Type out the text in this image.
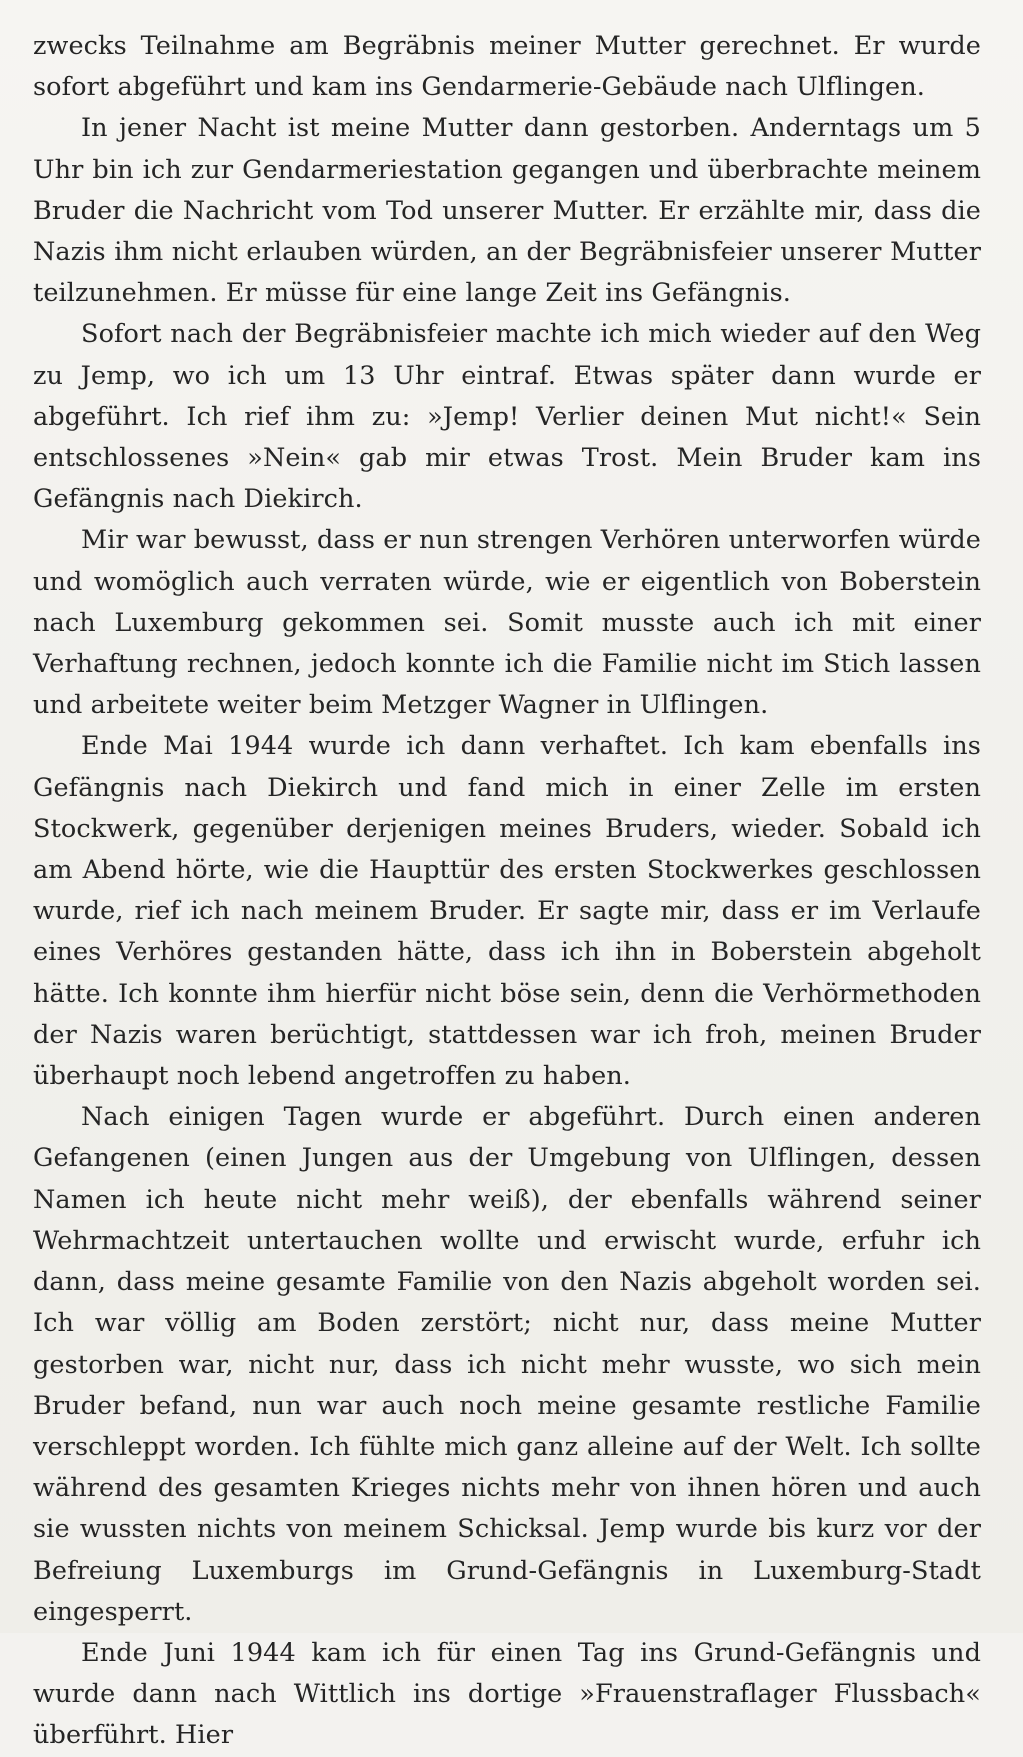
zwecks Teilnahme am Begräbnis meiner Mutter gerechnet. Er wurde sofort abgeführt und kam ins Gendarmerie-Gebäude nach Ulflingen.

In jener Nacht ist meine Mutter dann gestorben. Anderntags um 5 Uhr bin ich zur Gendarmeriestation gegangen und überbrachte meinem Bruder die Nachricht vom Tod unserer Mutter. Er erzählte mir, dass die Nazis ihm nicht erlauben würden, an der Begräbnisfeier unserer Mutter teilzunehmen. Er müsse für eine lange Zeit ins Gefängnis.

Sofort nach der Begräbnisfeier machte ich mich wieder auf den Weg zu Jemp, wo ich um 13 Uhr eintraf. Etwas später dann wurde er abgeführt. Ich rief ihm zu: »Jemp! Verlier deinen Mut nicht!« Sein entschlossenes »Nein« gab mir etwas Trost. Mein Bruder kam ins Gefängnis nach Diekirch.

Mir war bewusst, dass er nun strengen Verhören unterworfen würde und womöglich auch verraten würde, wie er eigentlich von Boberstein nach Luxemburg gekommen sei. Somit musste auch ich mit einer Verhaftung rechnen, jedoch konnte ich die Familie nicht im Stich lassen und arbeitete weiter beim Metzger Wagner in Ulflingen.

Ende Mai 1944 wurde ich dann verhaftet. Ich kam ebenfalls ins Gefängnis nach Diekirch und fand mich in einer Zelle im ersten Stockwerk, gegenüber derjenigen meines Bruders, wieder. Sobald ich am Abend hörte, wie die Haupttür des ersten Stockwerkes geschlossen wurde, rief ich nach meinem Bruder. Er sagte mir, dass er im Verlaufe eines Verhöres gestanden hätte, dass ich ihn in Boberstein abgeholt hätte. Ich konnte ihm hierfür nicht böse sein, denn die Verhörmethoden der Nazis waren berüchtigt, stattdessen war ich froh, meinen Bruder überhaupt noch lebend angetroffen zu haben.

Nach einigen Tagen wurde er abgeführt. Durch einen anderen Gefangenen (einen Jungen aus der Umgebung von Ulflingen, dessen Namen ich heute nicht mehr weiß), der ebenfalls während seiner Wehrmachtzeit untertauchen wollte und erwischt wurde, erfuhr ich dann, dass meine gesamte Familie von den Nazis abgeholt worden sei. Ich war völlig am Boden zerstört; nicht nur, dass meine Mutter gestorben war, nicht nur, dass ich nicht mehr wusste, wo sich mein Bruder befand, nun war auch noch meine gesamte restliche Familie verschleppt worden. Ich fühlte mich ganz alleine auf der Welt. Ich sollte während des gesamten Krieges nichts mehr von ihnen hören und auch sie wussten nichts von meinem Schicksal. Jemp wurde bis kurz vor der Befreiung Luxemburgs im Grund-Gefängnis in Luxemburg-Stadt eingesperrt.

Ende Juni 1944 kam ich für einen Tag ins Grund-Gefängnis und wurde dann nach Wittlich ins dortige »Frauenstraflager Flussbach« überführt. Hier
